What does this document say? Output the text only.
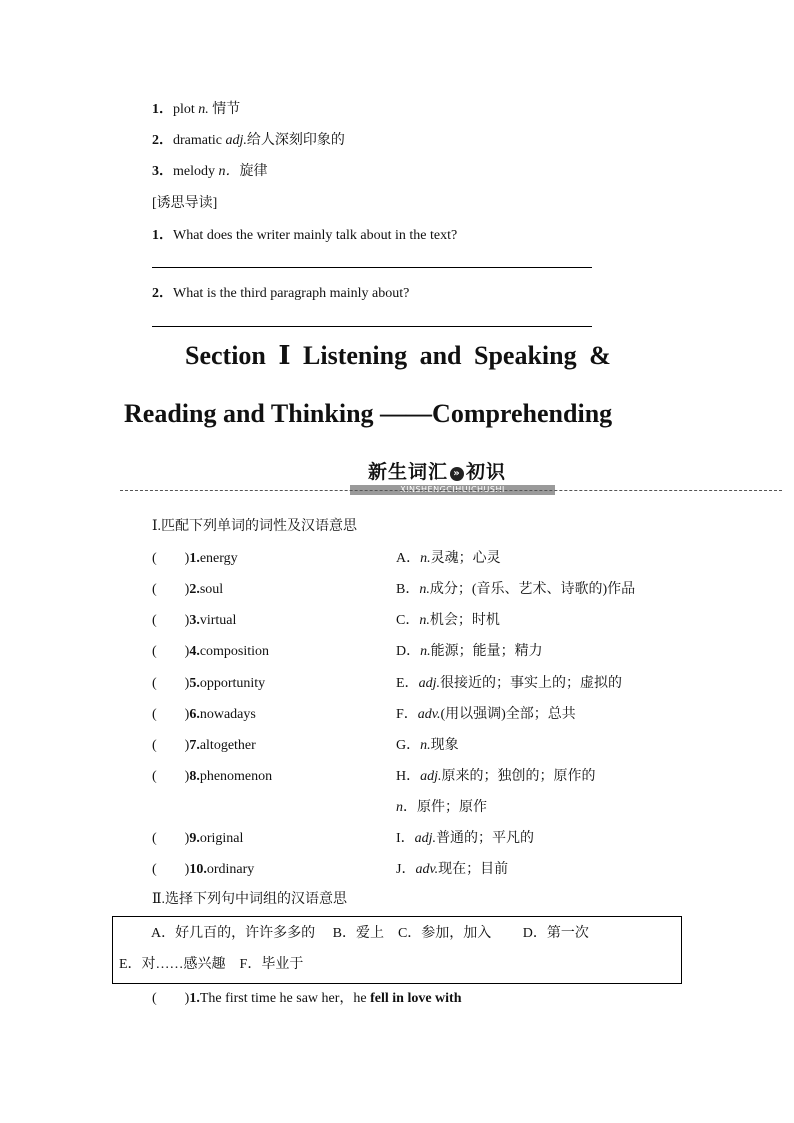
1．plot n. 情节
2．dramatic adj.给人深刻印象的
3．melody n．旋律
[诱思导读]
1．What does the writer mainly talk about in the text?
2．What is the third paragraph mainly about?
Section Ⅰ Listening and Speaking &
Reading and Thinking ——Comprehending
新生词汇 » 初识
XINSHENGCIHUICHUSHI
Ⅰ.匹配下列单词的词性及汉语意思
(　　)1.energy
(　　)2.soul
(　　)3.virtual
(　　)4.composition
(　　)5.opportunity
(　　)6.nowadays
(　　)7.altogether
(　　)8.phenomenon
(　　)9.original
(　　)10.ordinary
A．n.灵魂；心灵
B．n.成分；(音乐、艺术、诗歌的)作品
C．n.机会；时机
D．n.能源；能量；精力
E．adj.很接近的；事实上的；虚拟的
F．adv.(用以强调)全部；总共
G．n.现象
H．adj.原来的；独创的；原作的
n．原件；原作
I．adj.普通的；平凡的
J．adv.现在；目前
Ⅱ.选择下列句中词组的汉语意思
A．好几百的，许许多多的　 B．爱上　C．参加，加入　　 D．第一次
E．对……感兴趣　F．毕业于
(　　)1.The first time he saw her，he fell in love with
